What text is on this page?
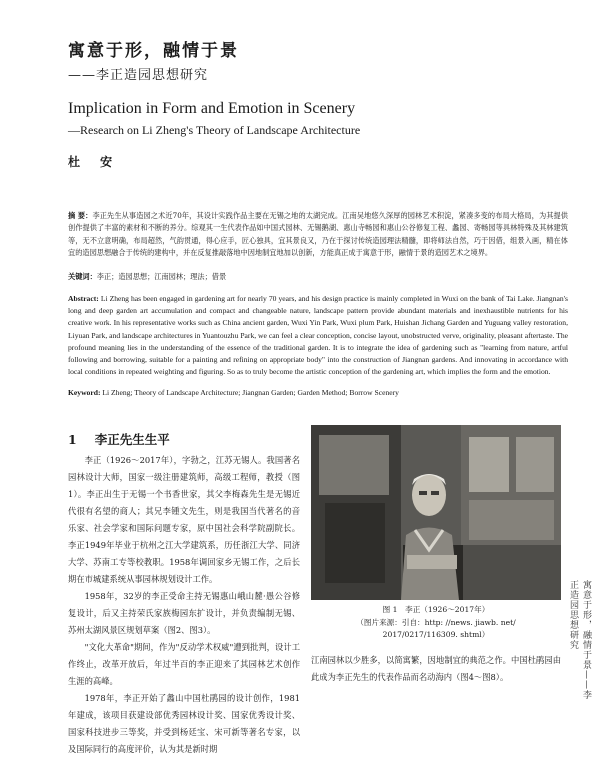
寓意于形，融情于景
——李正造园思想研究
Implication in Form and Emotion in Scenery
—Research on Li Zheng's Theory of Landscape Architecture
杜 安
摘 要：李正先生从事造园之术近70年，其设计实践作品主要在无锡之地的太湖完成。江南吴地悠久深厚的园林艺术积淀，紧凑多变的布局大格局，为其提供创作提供了丰富的素材和不断的养分。综观其一生代表作品如中国式园林、无锡鹅湖、惠山寺畅园和惠山公谷修复工程、蠡园、寄畅园等具林特殊及其林建筑等，无不立意明确，布局超然，气韵贯通，得心应手，匠心独具，宜其景良又，乃在于探讨传统造园理法精髓，即将师法自然，巧于因借，组景入画，精在体宜的造园思想融合于传统的建构中，并在反复推敲落地中因地制宜地加以创新，方能真正成于寓意于形，融情于景的造园艺术之境界。
关键词：李正；造园思想；江南园林；理法；借景
Abstract: Li Zheng has been engaged in gardening art for nearly 70 years, and his design practice is mainly completed in Wuxi on the bank of Tai Lake. Jiangnan's long and deep garden art accumulation and compact and changeable nature, landscape pattern provide abundant materials and inexhaustible nutrients for his creative work. In his representative works such as China ancient garden, Wuxi Yin Park, Wuxi plum Park, Huishan Jichang Garden and Yuguang valley restoration, Liyuan Park, and landscape architectures in Yuantouzhu Park, we can feel a clear conception, concise layout, unobstructed verve, originality, pleasant aftertaste. The profound meaning lies in the understanding of the essence of the traditional garden. It is to integrate the idea of gardening such as "learning from nature, artful following and borrowing, suitable for a painting and refining on appropriate body" into the construction of Jiangnan gardens. And innovating in accordance with local conditions in repeated weighting and figuring. So as to truly become the artistic conception of the gardening art, which implies the form and the emotion.
Keyword: Li Zheng; Theory of Landscape Architecture; Jiangnan Garden; Garden Method; Borrow Scenery
1 李正先生生平

李正（1926～2017年），字勃之，江苏无锡人。我国著名园林设计大师，国家一级注册建筑师，高级工程师，教授（图1）。李正出生于无锡一个书香世家，其父李梅森先生是无锡近代很有名望的商人；其兄李锺文先生，则是我国当代著名的音乐家、社会学家和国际问题专家，原中国社会科学院副院长。李正1949年毕业于杭州之江大学建筑系，历任浙江大学、同济大学、苏南工专等校教职。1958年调回家乡无锡工作，之后长期在市城建系统从事园林规划设计工作。

1958年，32岁的李正受命主持无锡惠山峨山麓·愚公谷修复设计，后又主持荣氏家族梅园东扩设计，并负责编制无锡、苏州太湖风景区规划草案（图2、图3）。

"文化大革命"期间，作为"反动学术权威"遭到批判，设计工作终止，改革开放后，年过半百的李正迎来了其园林艺术创作生涯的高峰。

1978年，李正开始了蠡山中国杜鹃园的设计创作，1981年建成，该项目获建设部优秀园林设计奖、国家优秀设计奖、国家科技进步三等奖，并受到杨廷宝、宋可新等著名专家，以及国际同行的高度评价，认为其是新时期

图 1　李正（1926～2017年）
（图片来源：引自：http: //news. jiawb. net/
2017/0217/116309. shtml）

江南园林以少胜多，以简寓繁，因地制宜的典范之作。中国杜鹃园由此成为李正先生的代表作品而名动海内（图4～图8）。	寓意于形，融情于景——李正造园思想研究
